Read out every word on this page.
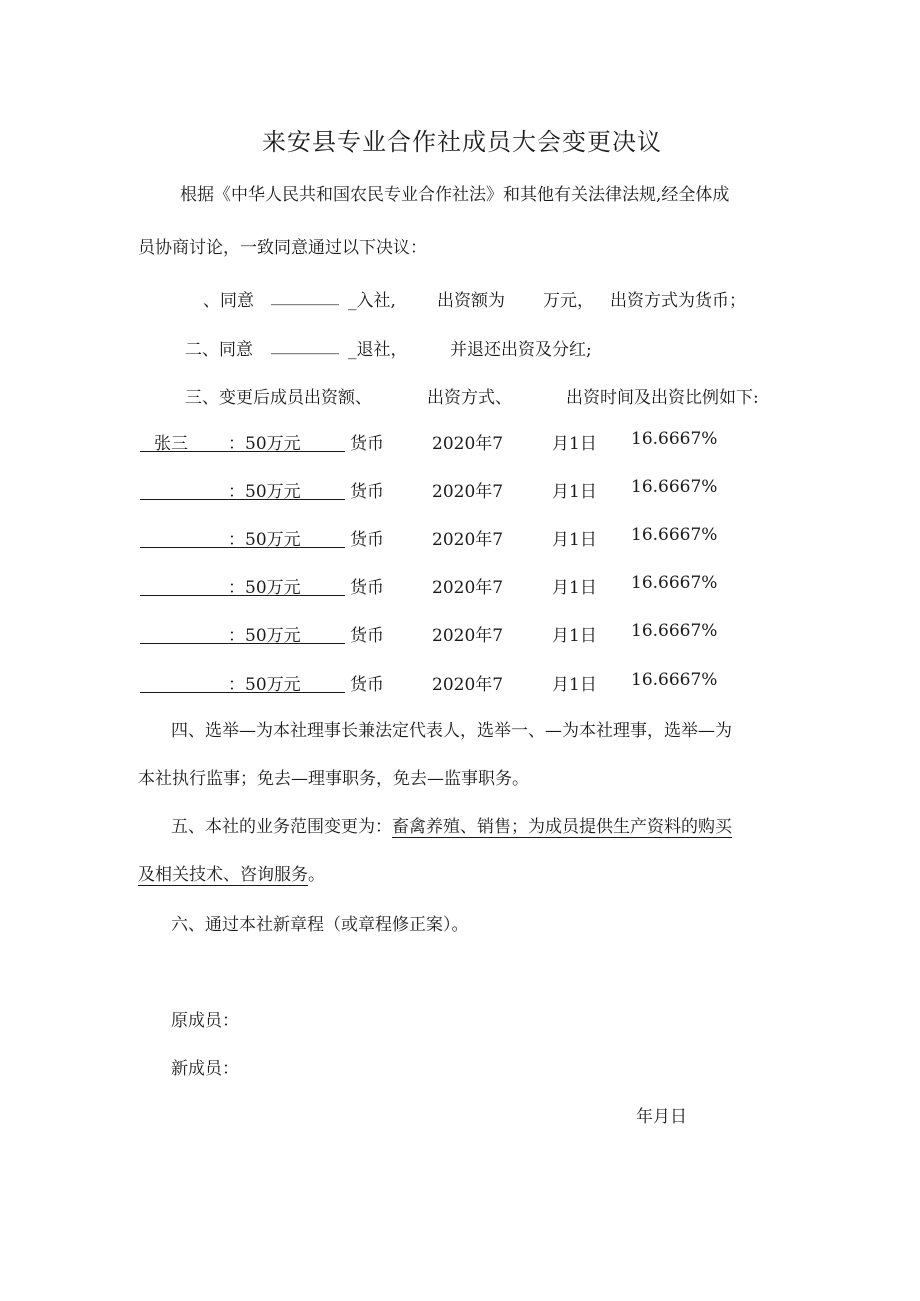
来安县专业合作社成员大会变更决议
根据《中华人民共和国农民专业合作社法》和其他有关法律法规,经全体成
员协商讨论，一致同意通过以下决议：
、同意 ________ _入社, 出资额为 万元， 出资方式为货币；
二、同意 ________ _退社，	并退还出资及分红;
三、变更后成员出资额、	出资方式、	出资时间及出资比例如下:
张三 ：50万元	货币	2020年7	月1日 16.6667%
：50万元	货币	2020年7	月1日 16.6667%
：50万元	货币	2020年7	月1日 16.6667%
：50万元	货币	2020年7	月1日 16.6667%
：50万元	货币	2020年7	月1日 16.6667%
：50万元	货币	2020年7	月1日 16.6667%
四、选举—为本社理事长兼法定代表人，选举一、—为本社理事，选举—为
本社执行监事；免去—理事职务，免去—监事职务。
五、本社的业务范围变更为：畜禽养殖、销售；为成员提供生产资料的购买
及相关技术、咨询服务。
六、通过本社新章程（或章程修正案）。
原成员：
新成员：
年月日
